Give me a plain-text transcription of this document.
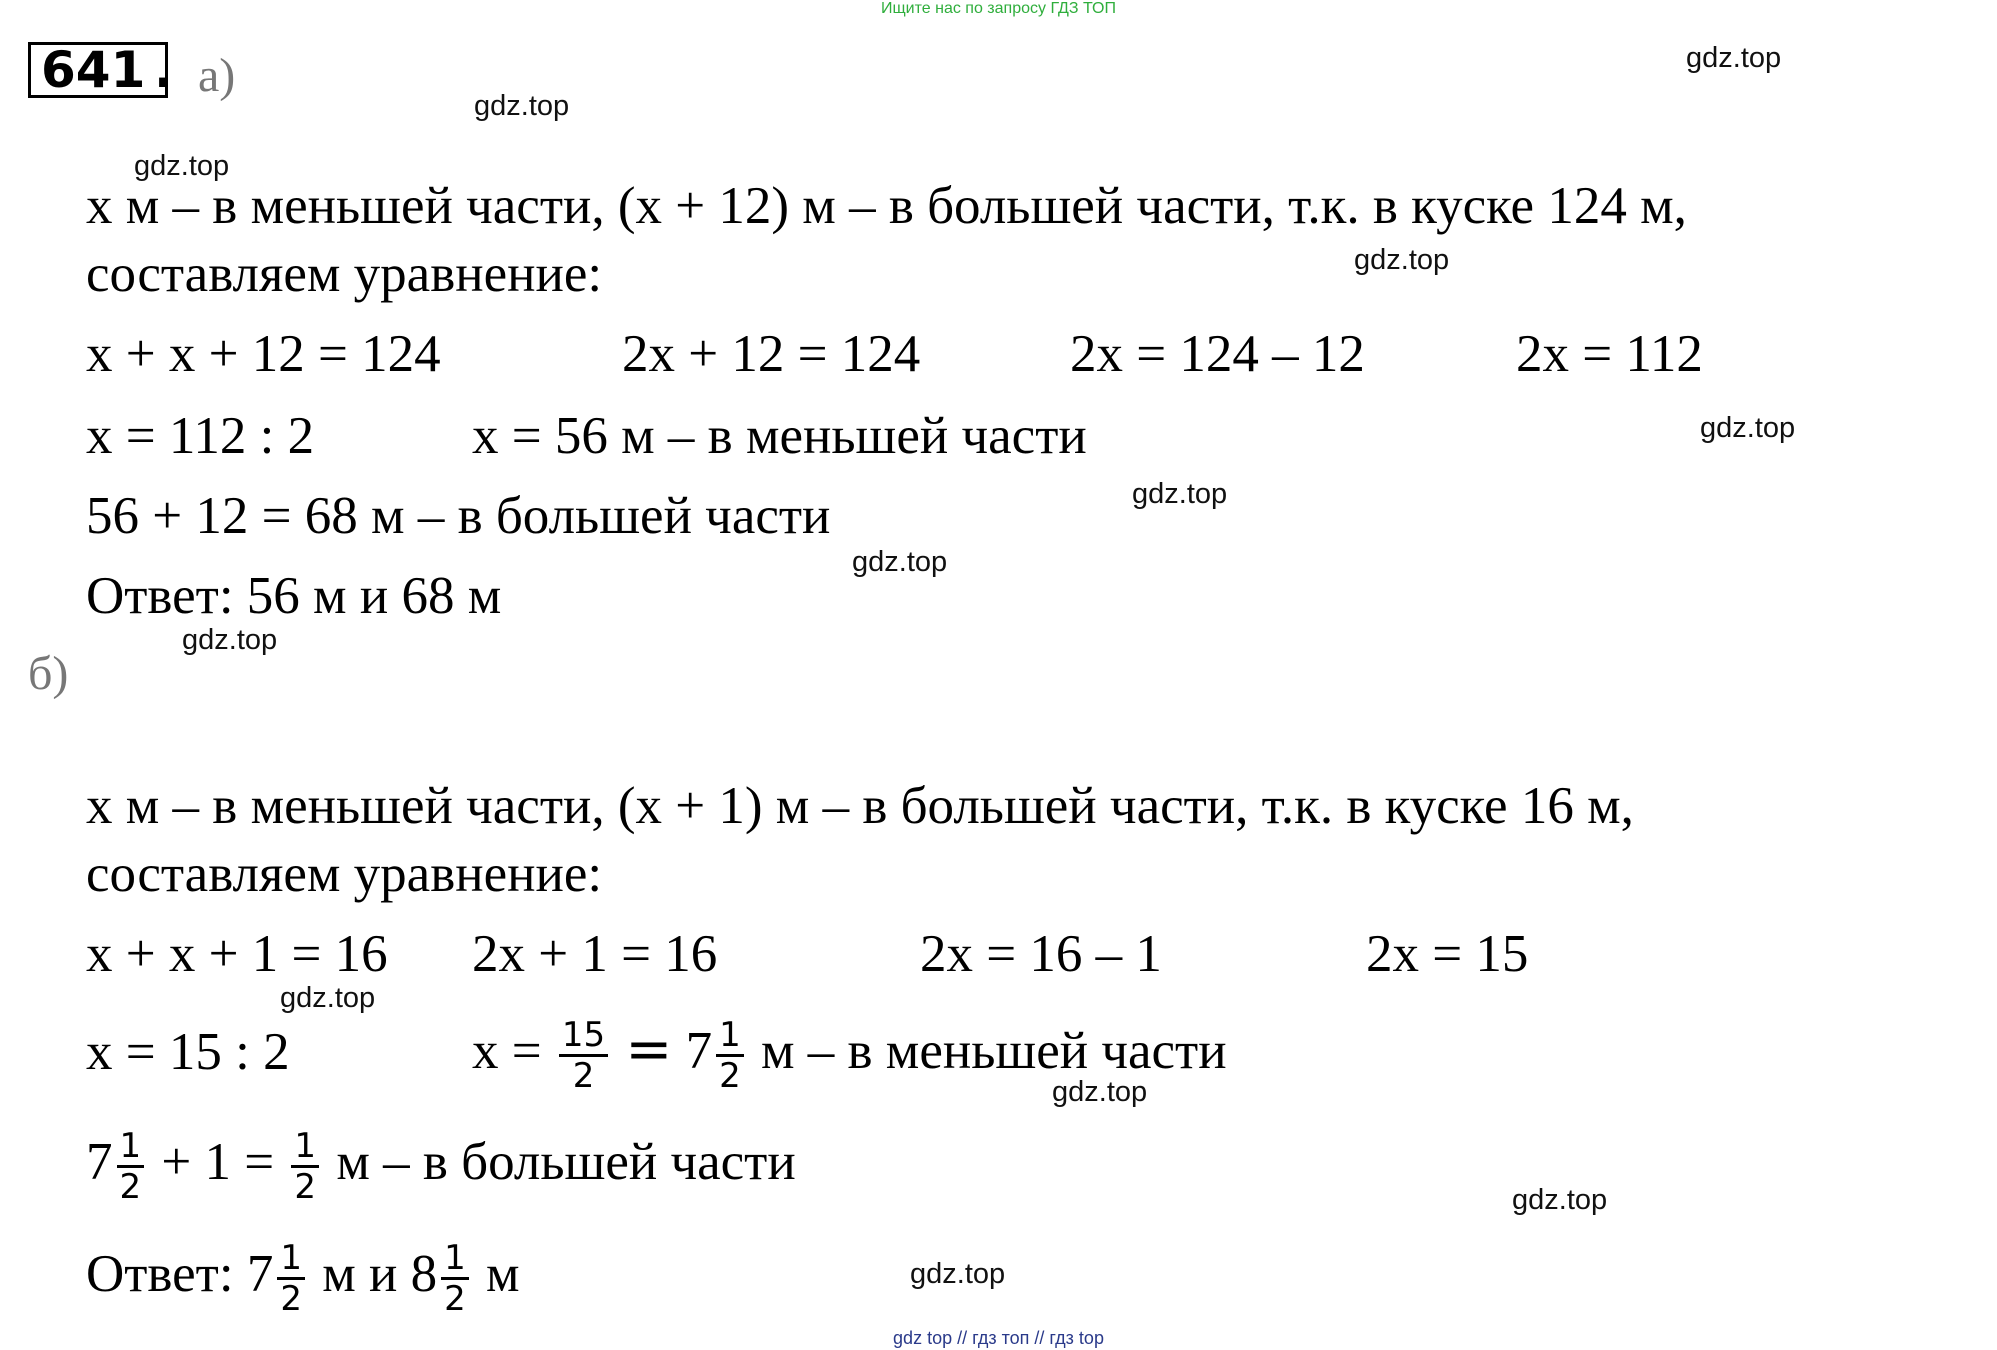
Ищите нас по запросу ГДЗ ТОП
641 . а)
х м – в меньшей части, (х + 12) м – в большей части, т.к. в куске 124 м,
составляем уравнение:
х + х + 12 = 124	2х + 12 = 124	2х = 124 – 12	2х = 112
х = 112 : 2	х = 56 м – в меньшей части
56 + 12 = 68 м – в большей части
Ответ: 56 м и 68 м
б)
х м – в меньшей части, (х + 1) м – в большей части, т.к. в куске 16 м,
составляем уравнение:
х + х + 1 = 16 2х + 1 = 16	2х = 16 – 1	2х = 15
х = 15 : 2	$х = \frac{15}{2} = 7 \frac{1}{2}$ м – в меньшей части
$7 \frac{1}{2} + 1 = \frac{1}{2}$ м – в большей части
Ответ: $7 \frac{1}{2}$ м и $8 \frac{1}{2}$ м
gdz.top
gdz.top
gdz.top
gdz.top
gdz.top
gdz.top
gdz.top
gdz.top
gdz.top
gdz.top
gdz.top
gdz.top
gdz top // гдз топ // гдз top
